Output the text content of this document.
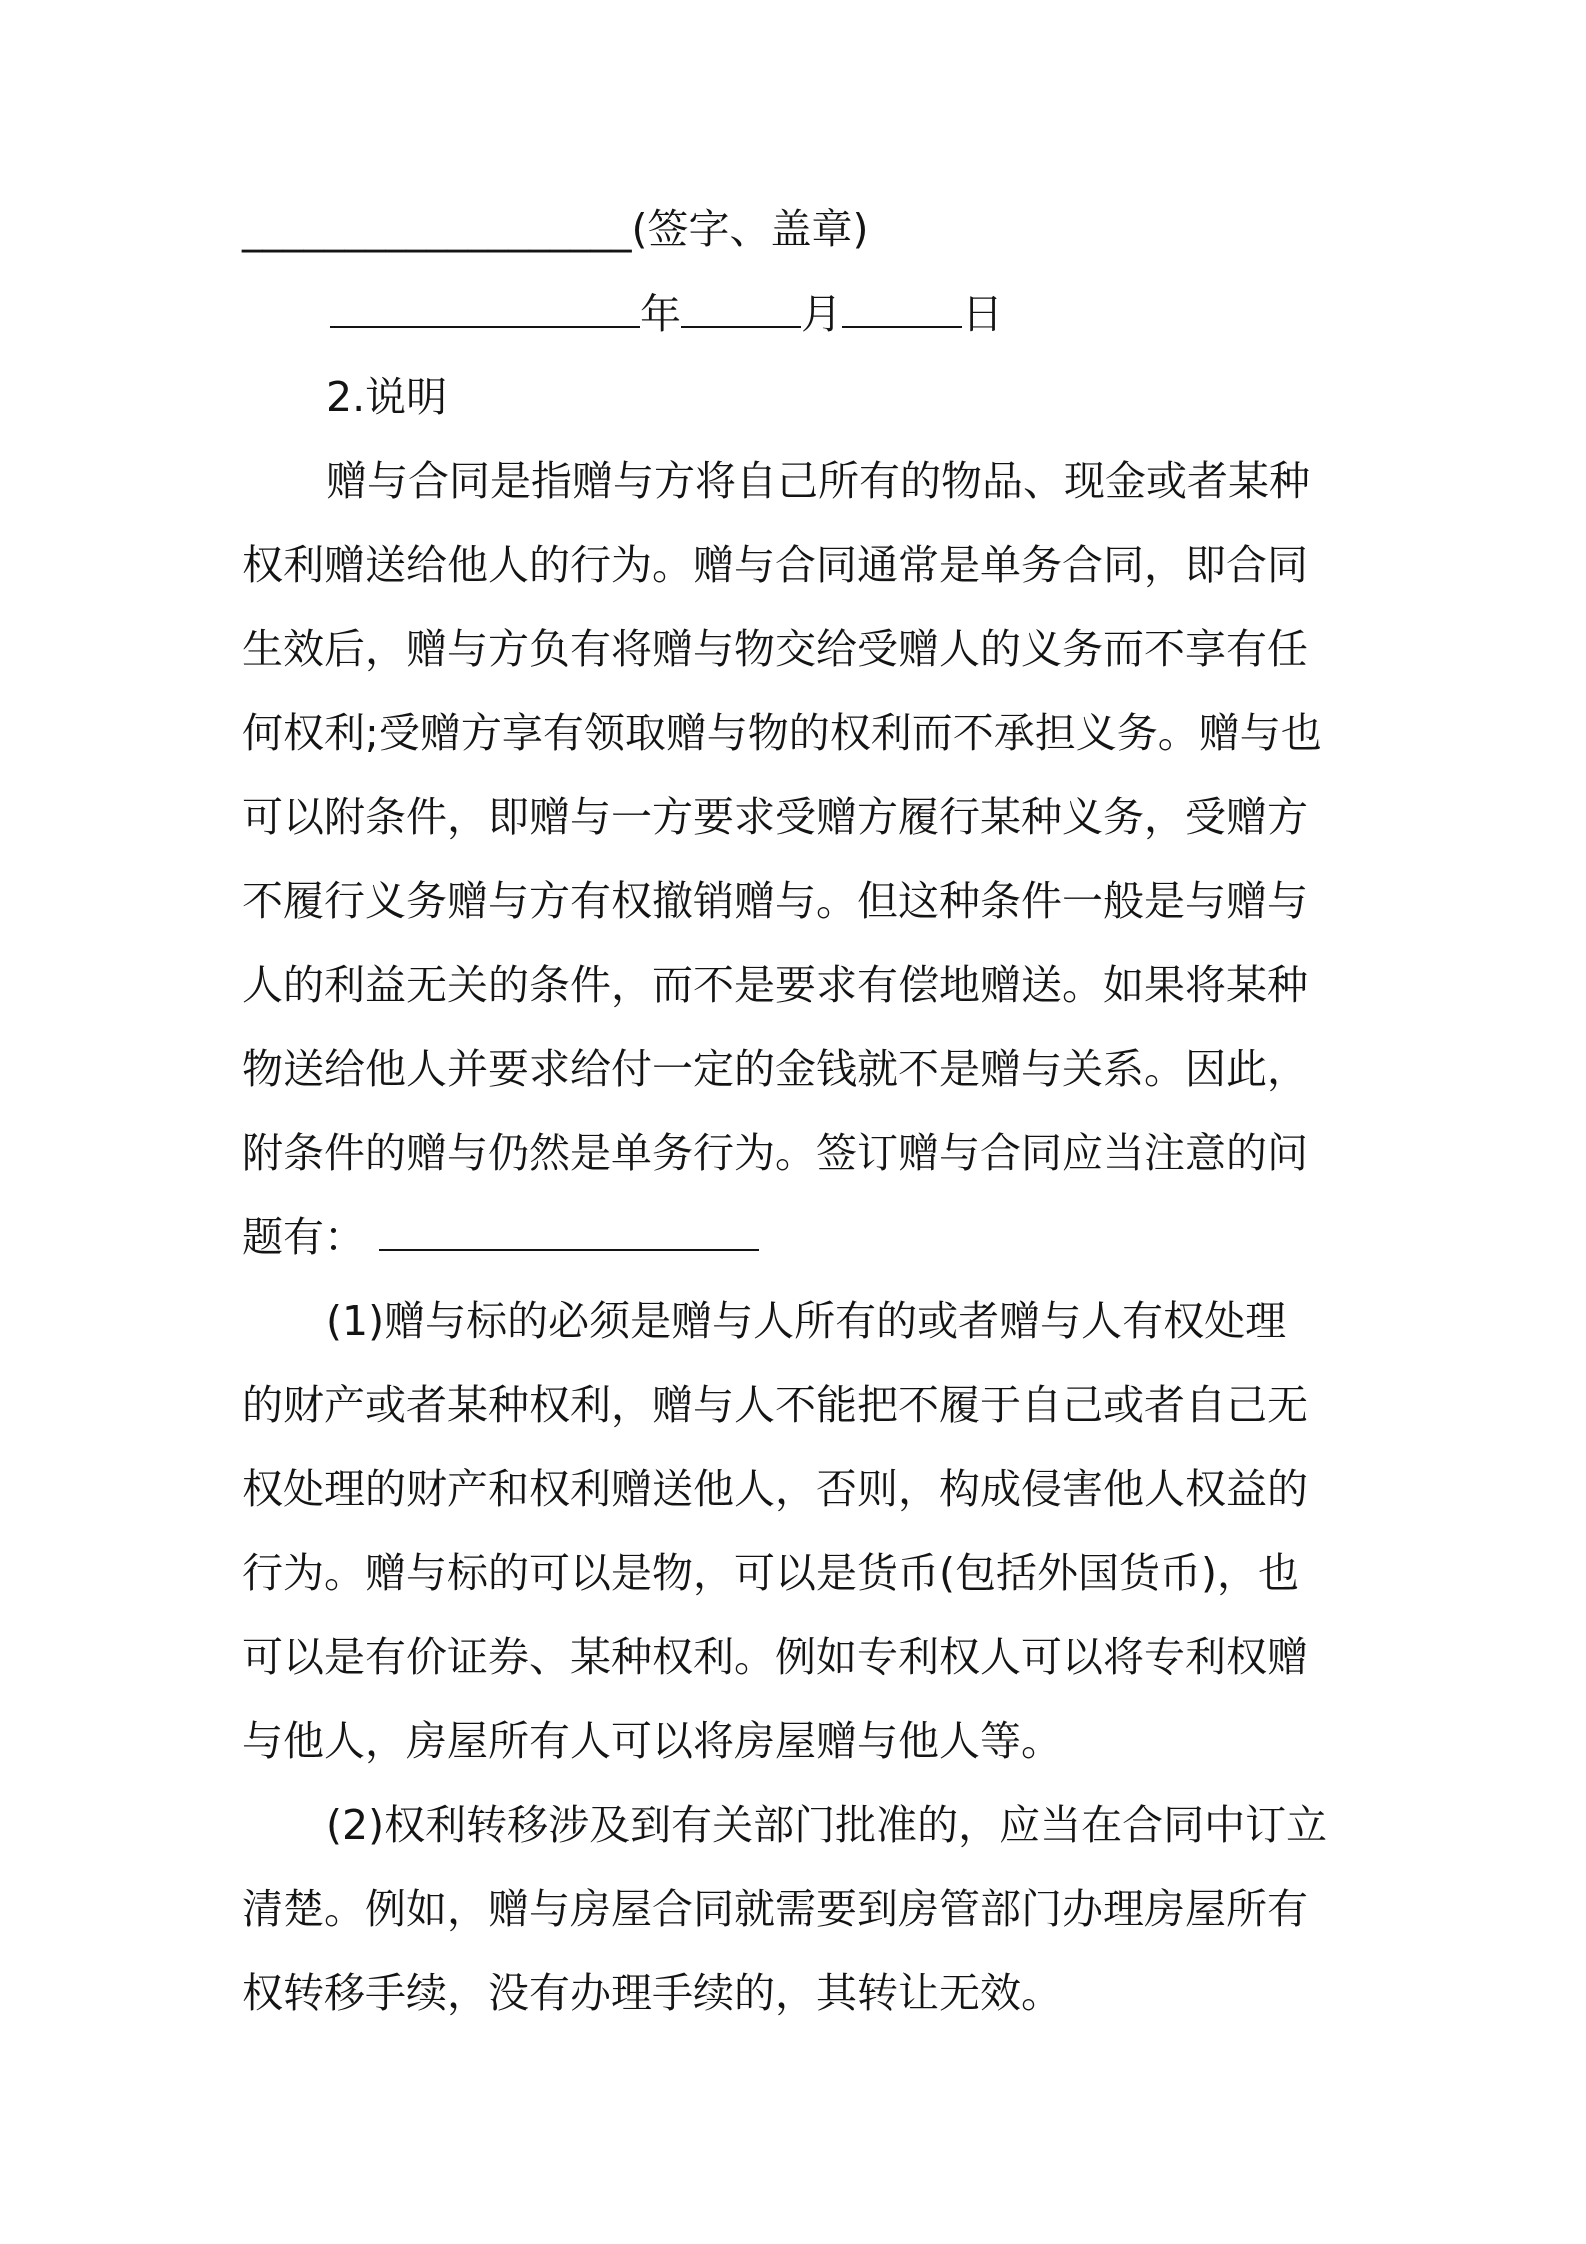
___________________(签字、盖章)
年	月	日
2.说明
赠与合同是指赠与方将自己所有的物品、现金或者某种
权利赠送给他人的行为。赠与合同通常是单务合同，即合同
生效后，赠与方负有将赠与物交给受赠人的义务而不享有任
何权利;受赠方享有领取赠与物的权利而不承担义务。赠与也
可以附条件，即赠与一方要求受赠方履行某种义务，受赠方
不履行义务赠与方有权撤销赠与。但这种条件一般是与赠与
人的利益无关的条件，而不是要求有偿地赠送。如果将某种
物送给他人并要求给付一定的金钱就不是赠与关系。因此，
附条件的赠与仍然是单务行为。签订赠与合同应当注意的问
题有：
(1)赠与标的必须是赠与人所有的或者赠与人有权处理
的财产或者某种权利，赠与人不能把不履于自己或者自己无
权处理的财产和权利赠送他人，否则，构成侵害他人权益的
行为。赠与标的可以是物，可以是货币(包括外国货币)，也
可以是有价证券、某种权利。例如专利权人可以将专利权赠
与他人，房屋所有人可以将房屋赠与他人等。
(2)权利转移涉及到有关部门批准的，应当在合同中订立
清楚。例如，赠与房屋合同就需要到房管部门办理房屋所有
权转移手续，没有办理手续的，其转让无效。
